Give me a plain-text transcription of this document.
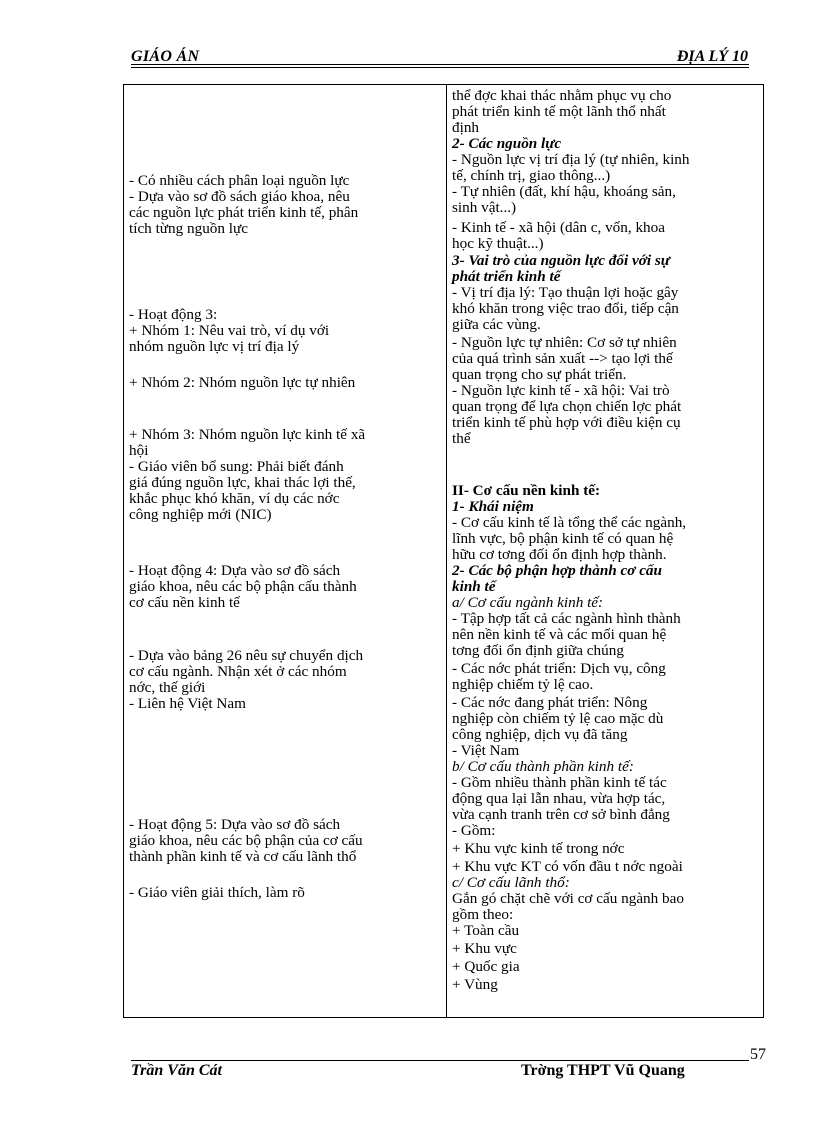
GIÁO ÁN	ĐỊA LÝ 10
- Có nhiều cách phân loại nguồn lực
- Dựa vào sơ đồ sách giáo khoa, nêu
các nguồn lực phát triển kinh tế, phân
tích từng nguồn lực
- Hoạt động 3:
+ Nhóm 1: Nêu vai trò, ví dụ với
nhóm nguồn lực vị trí địa lý
+ Nhóm 2: Nhóm nguồn lực tự nhiên
+ Nhóm 3: Nhóm nguồn lực kinh tế xã
hội
- Giáo viên bổ sung: Phải biết đánh
giá đúng nguồn lực, khai thác lợi thế,
khắc phục khó khăn, ví dụ các nớc
công nghiệp mới (NIC)
- Hoạt động 4: Dựa vào sơ đồ sách
giáo khoa, nêu các bộ phận cấu thành
cơ cấu nền kinh tế
- Dựa vào bảng 26 nêu sự chuyển dịch
cơ cấu ngành. Nhận xét ở các nhóm
nớc, thế giới
- Liên hệ Việt Nam
- Hoạt động 5: Dựa vào sơ đồ sách
giáo khoa, nêu các bộ phận của cơ cấu
thành phần kinh tế và cơ cấu lãnh thổ
- Giáo viên giải thích, làm rõ

thể đợc khai thác nhằm phục vụ cho
phát triển kinh tế một lãnh thổ nhất
định
2- Các nguồn lực
- Nguồn lực vị trí địa lý (tự nhiên, kinh
tế, chính trị, giao thông...)
- Tự nhiên (đất, khí hậu, khoáng sản,
sinh vật...)
- Kinh tế - xã hội (dân c, vốn, khoa
học kỹ thuật...)
3- Vai trò của nguồn lực đối với sự
phát triển kinh tế
- Vị trí địa lý: Tạo thuận lợi hoặc gây
khó khăn trong việc trao đổi, tiếp cận
giữa các vùng.
- Nguồn lực tự nhiên: Cơ sở tự nhiên
của quá trình sản xuất --> tạo lợi thế
quan trọng cho sự phát triển.
- Nguồn lực kinh tế - xã hội: Vai trò
quan trọng để lựa chọn chiến lợc phát
triển kinh tế phù hợp với điều kiện cụ
thể
II- Cơ cấu nền kinh tế:
1- Khái niệm
- Cơ cấu kinh tế là tổng thể các ngành,
lĩnh vực, bộ phận kinh tế có quan hệ
hữu cơ tơng đối ổn định hợp thành.
2- Các bộ phận hợp thành cơ cấu
kinh tế
a/ Cơ cấu ngành kinh tế:
- Tập hợp tất cả các ngành hình thành
nên nền kinh tế và các mối quan hệ
tơng đối ổn định giữa chúng
- Các nớc phát triển: Dịch vụ, công
nghiệp chiếm tỷ lệ cao.
- Các nớc đang phát triển: Nông
nghiệp còn chiếm tỷ lệ cao mặc dù
công nghiệp, dịch vụ đã tăng
- Việt Nam
b/ Cơ cấu thành phần kinh tế:
- Gồm nhiều thành phần kinh tế tác
động qua lại lẫn nhau, vừa hợp tác,
vừa cạnh tranh trên cơ sở bình đẳng
- Gồm:
+ Khu vực kinh tế trong nớc
+ Khu vực KT có vốn đầu t nớc ngoài
c/ Cơ cấu lãnh thổ:
Gắn gó chặt chẽ với cơ cấu ngành bao
gồm theo:
+ Toàn cầu
+ Khu vực
+ Quốc gia
+ Vùng
57
Trần Văn Cát	Trờng THPT Vũ Quang
